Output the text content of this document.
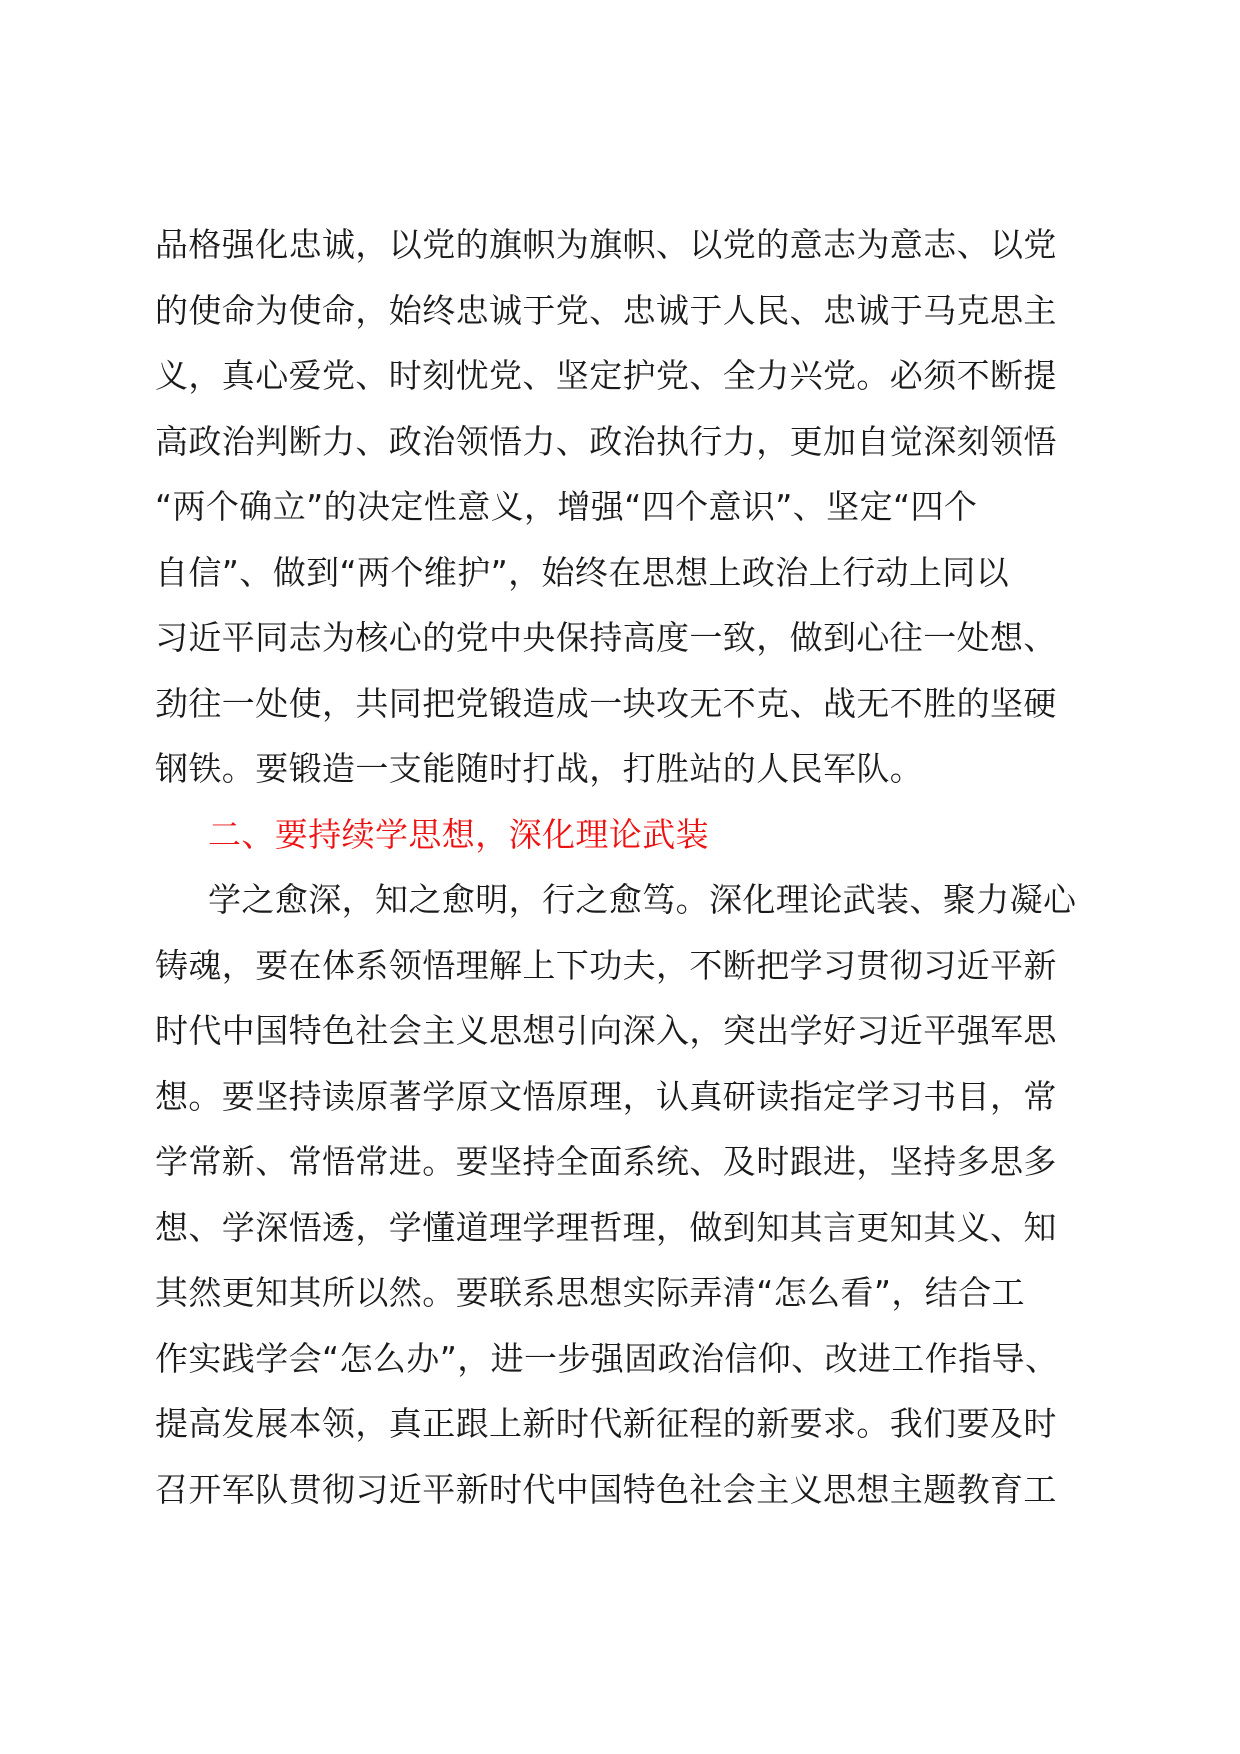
品格强化忠诚，以党的旗帜为旗帜、以党的意志为意志、以党
的使命为使命，始终忠诚于党、忠诚于人民、忠诚于马克思主
义，真心爱党、时刻忧党、坚定护党、全力兴党。必须不断提
高政治判断力、政治领悟力、政治执行力，更加自觉深刻领悟
“两个确立”的决定性意义，增强“四个意识”、坚定“四个
自信”、做到“两个维护”，始终在思想上政治上行动上同以
习近平同志为核心的党中央保持高度一致，做到心往一处想、
劲往一处使，共同把党锻造成一块攻无不克、战无不胜的坚硬
钢铁。要锻造一支能随时打战，打胜站的人民军队。
二、要持续学思想，深化理论武装
学之愈深，知之愈明，行之愈笃。深化理论武装、聚力凝心
铸魂，要在体系领悟理解上下功夫，不断把学习贯彻习近平新
时代中国特色社会主义思想引向深入，突出学好习近平强军思
想。要坚持读原著学原文悟原理，认真研读指定学习书目，常
学常新、常悟常进。要坚持全面系统、及时跟进，坚持多思多
想、学深悟透，学懂道理学理哲理，做到知其言更知其义、知
其然更知其所以然。要联系思想实际弄清“怎么看”，结合工
作实践学会“怎么办”，进一步强固政治信仰、改进工作指导、
提高发展本领，真正跟上新时代新征程的新要求。我们要及时
召开军队贯彻习近平新时代中国特色社会主义思想主题教育工
